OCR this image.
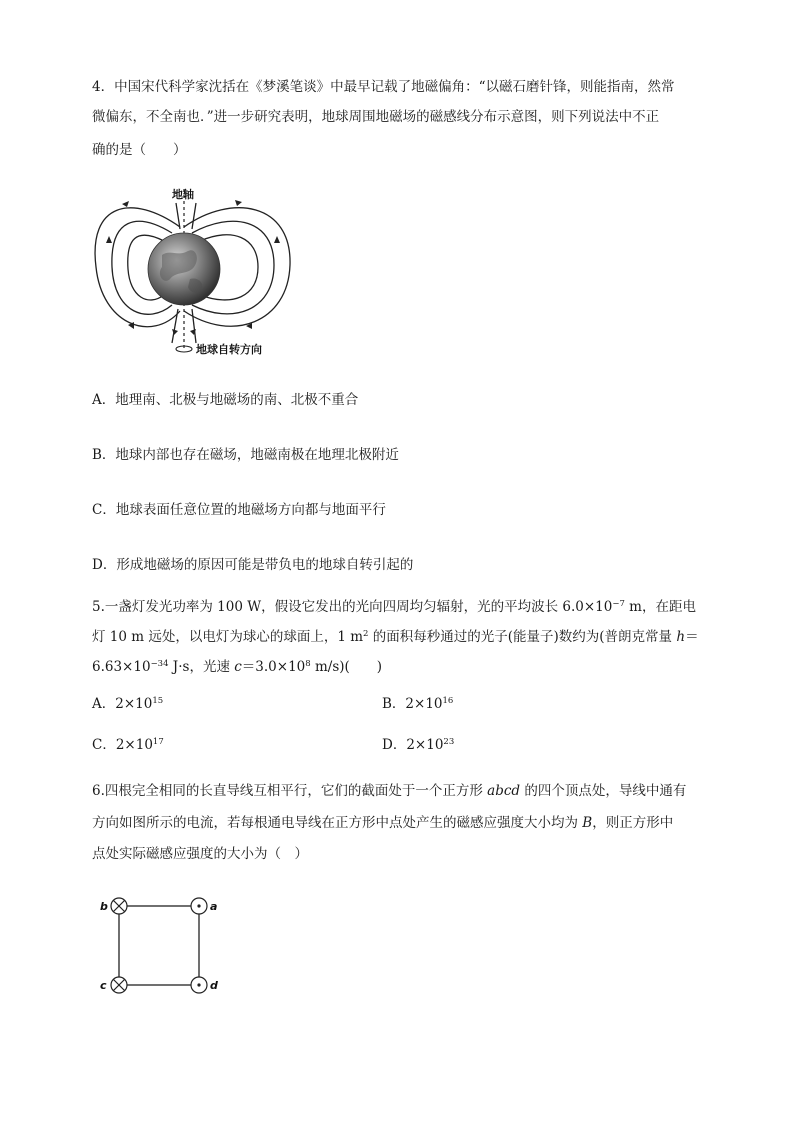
4．中国宋代科学家沈括在《梦溪笔谈》中最早记载了地磁偏角：“以磁石磨针锋，则能指南，然常
微偏东，不全南也．”进一步研究表明，地球周围地磁场的磁感线分布示意图，则下列说法中不正
确的是（　　）
地轴
地球自转方向
A．地理南、北极与地磁场的南、北极不重合
B．地球内部也存在磁场，地磁南极在地理北极附近
C．地球表面任意位置的地磁场方向都与地面平行
D．形成地磁场的原因可能是带负电的地球自转引起的
5.一盏灯发光功率为 100 W，假设它发出的光向四周均匀辐射，光的平均波长 $6.0\times 10^{-7}$ m，在距电
灯 10 m 远处，以电灯为球心的球面上，1 $m^2$ 的面积每秒通过的光子(能量子)数约为(普朗克常量 h＝
$6.63\times 10^{-34}$ J·s，光速 $c=3.0\times 10^8$ m/s)(　　)
A．$2\times 10^{15}$	B．$2\times 10^{16}$
C．$2\times 10^{17}$	D．$2\times 10^{23}$
6.四根完全相同的长直导线互相平行，它们的截面处于一个正方形 abcd 的四个顶点处，导线中通有
方向如图所示的电流，若每根通电导线在正方形中点处产生的磁感应强度大小均为 B，则正方形中
点处实际磁感应强度的大小为（　）
b	a
c	d
